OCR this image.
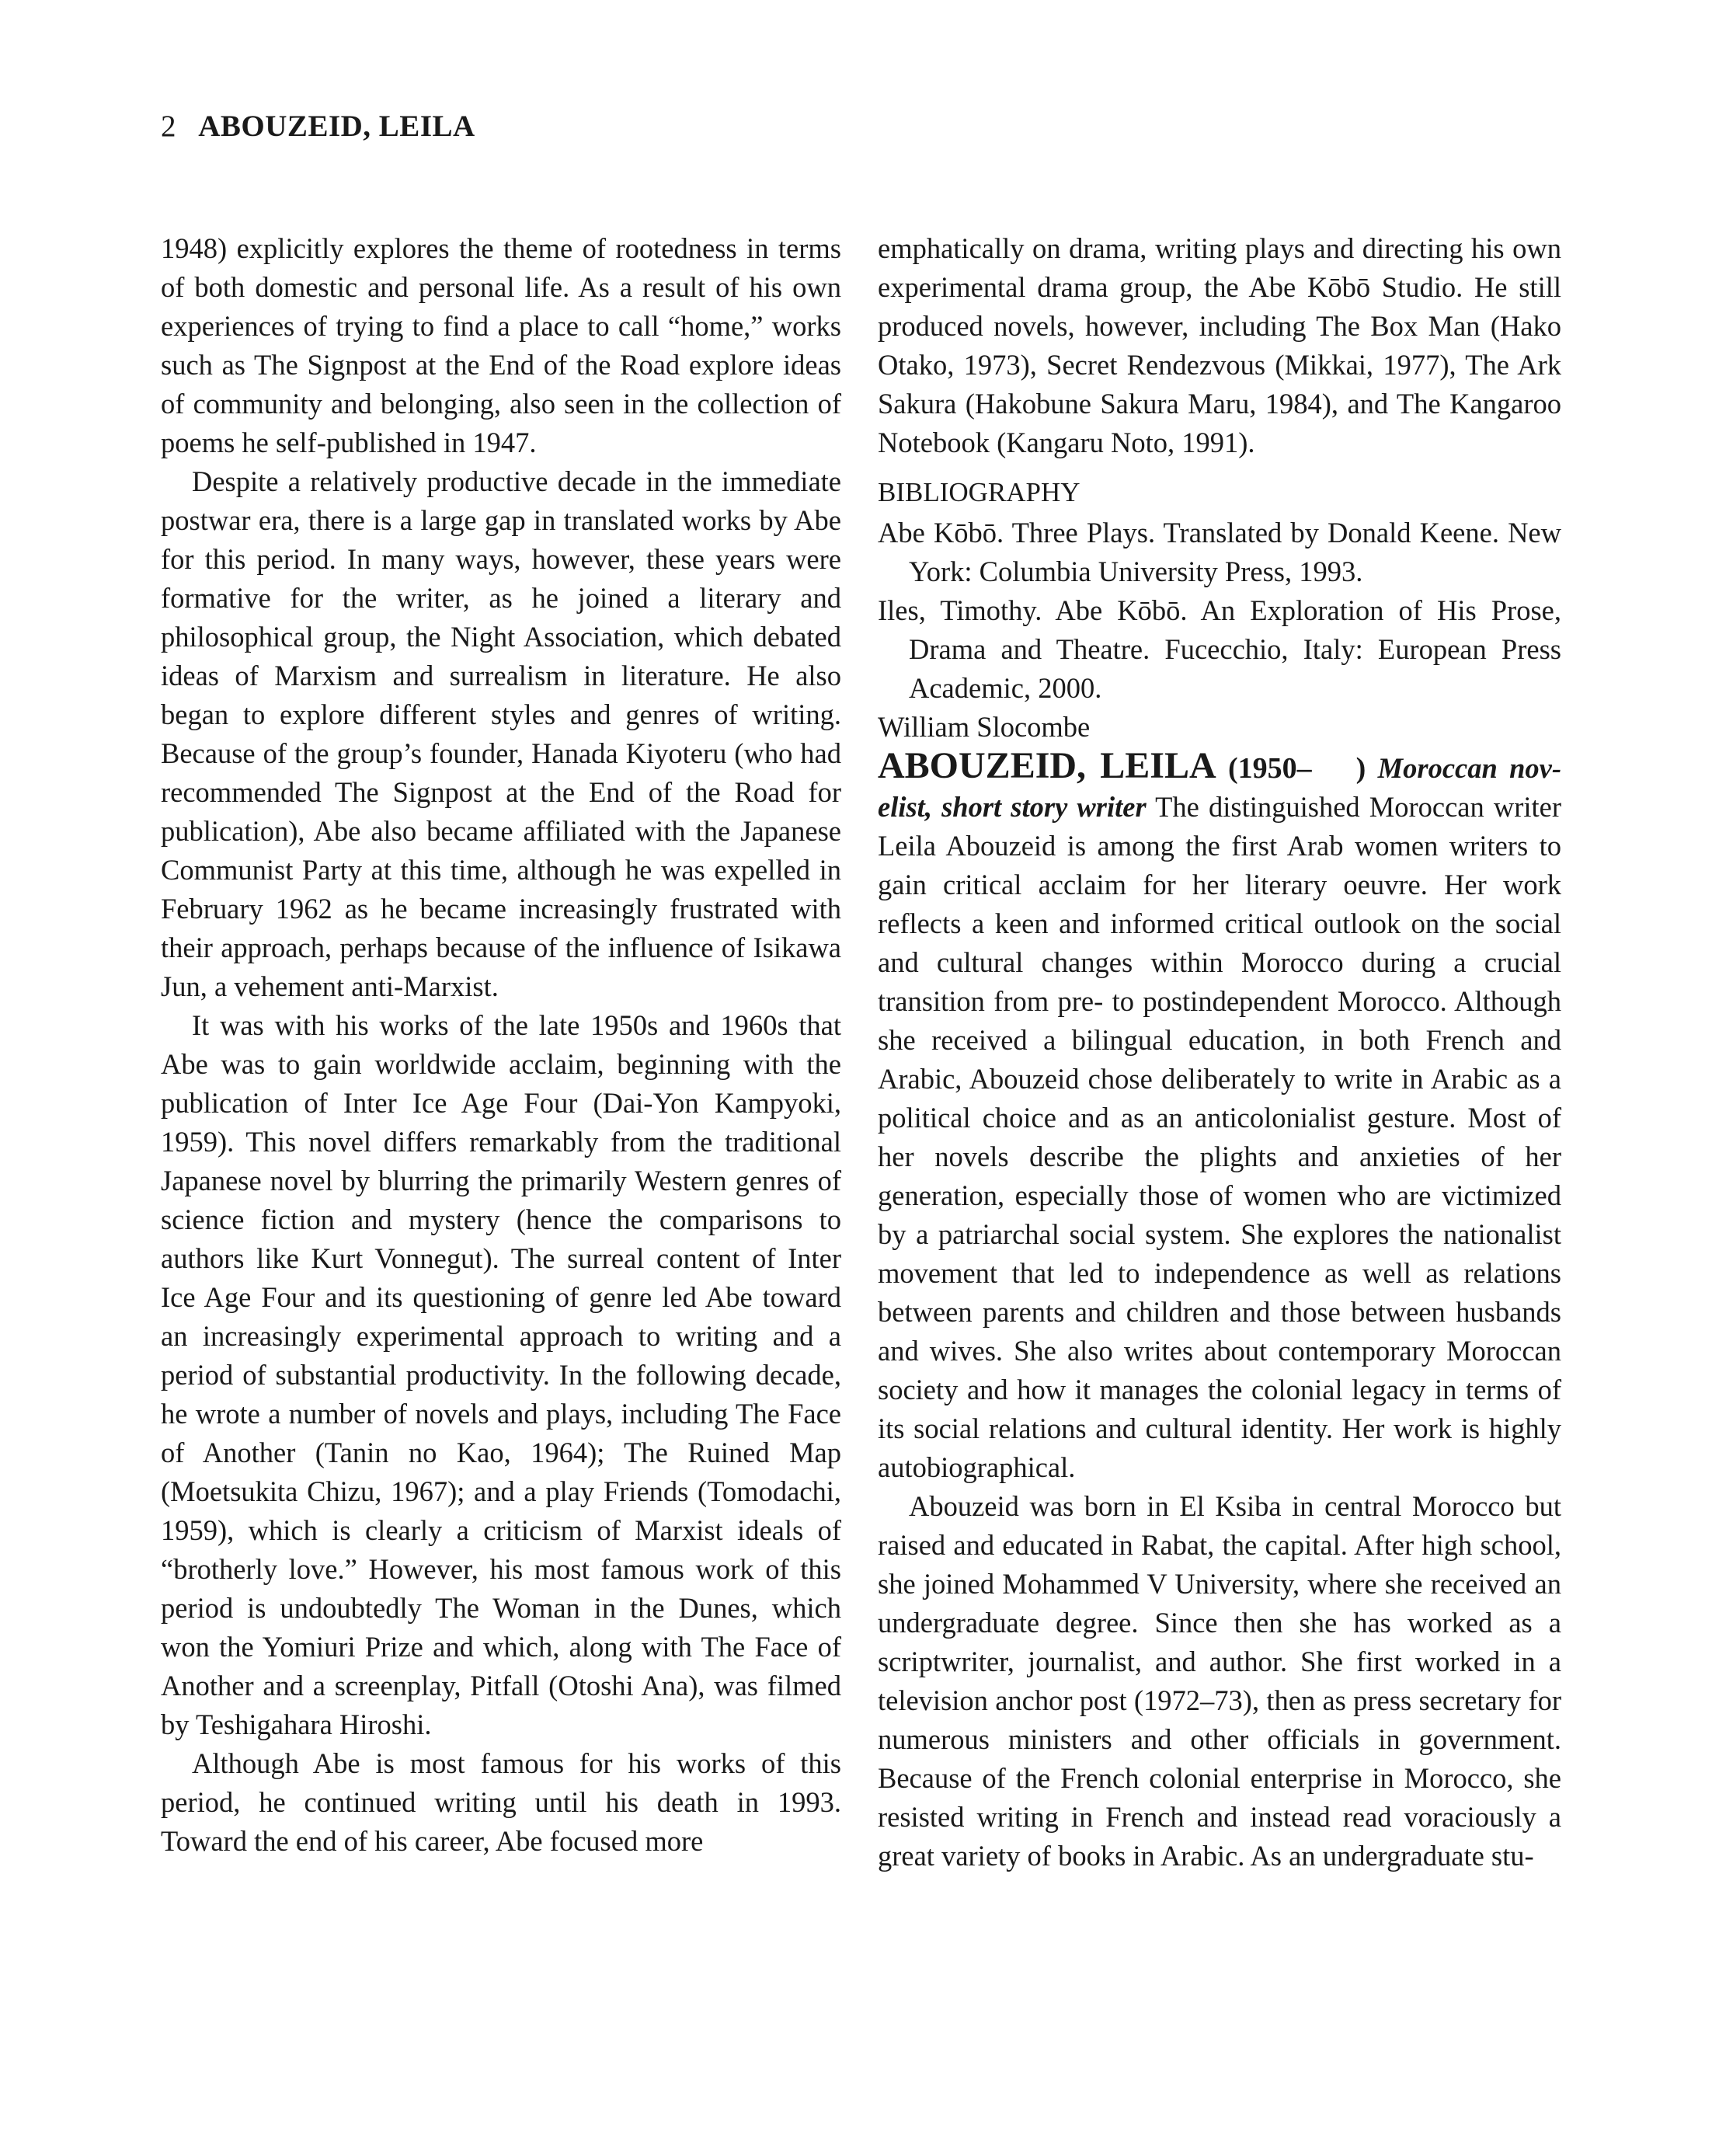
2 ABOUZEID, LEILA

1948) explicitly explores the theme of rootedness in terms of both domestic and personal life. As a result of his own experiences of trying to find a place to call “home,” works such as The Signpost at the End of the Road explore ideas of community and belonging, also seen in the collection of poems he self-published in 1947.

Despite a relatively productive decade in the immediate postwar era, there is a large gap in translated works by Abe for this period. In many ways, however, these years were formative for the writer, as he joined a literary and philosophical group, the Night Association, which debated ideas of Marxism and surrealism in literature. He also began to explore different styles and genres of writing. Because of the group’s founder, Hanada Kiyoteru (who had recommended The Signpost at the End of the Road for publication), Abe also became affiliated with the Japanese Communist Party at this time, although he was expelled in February 1962 as he became increasingly frustrated with their approach, perhaps because of the influence of Isikawa Jun, a vehement anti-Marxist.

It was with his works of the late 1950s and 1960s that Abe was to gain worldwide acclaim, beginning with the publication of Inter Ice Age Four (Dai-Yon Kampyoki, 1959). This novel differs remarkably from the traditional Japanese novel by blurring the primarily Western genres of science fiction and mystery (hence the comparisons to authors like Kurt Vonnegut). The surreal content of Inter Ice Age Four and its questioning of genre led Abe toward an increasingly experimental approach to writing and a period of substantial productivity. In the following decade, he wrote a number of novels and plays, including The Face of Another (Tanin no Kao, 1964); The Ruined Map (Moetsukita Chizu, 1967); and a play Friends (Tomodachi, 1959), which is clearly a criticism of Marxist ideals of “brotherly love.” However, his most famous work of this period is undoubtedly The Woman in the Dunes, which won the Yomiuri Prize and which, along with The Face of Another and a screenplay, Pitfall (Otoshi Ana), was filmed by Teshigahara Hiroshi.

Although Abe is most famous for his works of this period, he continued writing until his death in 1993. Toward the end of his career, Abe focused more

emphatically on drama, writing plays and directing his own experimental drama group, the Abe Kōbō Studio. He still produced novels, however, including The Box Man (Hako Otako, 1973), Secret Rendezvous (Mikkai, 1977), The Ark Sakura (Hakobune Sakura Maru, 1984), and The Kangaroo Notebook (Kangaru Noto, 1991).

BIBLIOGRAPHY

Abe Kōbō. Three Plays. Translated by Donald Keene. New York: Columbia University Press, 1993.

Iles, Timothy. Abe Kōbō. An Exploration of His Prose, Drama and Theatre. Fucecchio, Italy: European Press Academic, 2000.

William Slocombe

ABOUZEID, LEILA (1950–  ) Moroccan novelist, short story writer The distinguished Moroccan writer Leila Abouzeid is among the first Arab women writers to gain critical acclaim for her literary oeuvre. Her work reflects a keen and informed critical outlook on the social and cultural changes within Morocco during a crucial transition from pre- to postindependent Morocco. Although she received a bilingual education, in both French and Arabic, Abouzeid chose deliberately to write in Arabic as a political choice and as an anticolonialist gesture. Most of her novels describe the plights and anxieties of her generation, especially those of women who are victimized by a patriarchal social system. She explores the nationalist movement that led to independence as well as relations between parents and children and those between husbands and wives. She also writes about contemporary Moroccan society and how it manages the colonial legacy in terms of its social relations and cultural identity. Her work is highly autobiographical.

Abouzeid was born in El Ksiba in central Morocco but raised and educated in Rabat, the capital. After high school, she joined Mohammed V University, where she received an undergraduate degree. Since then she has worked as a scriptwriter, journalist, and author. She first worked in a television anchor post (1972–73), then as press secretary for numerous ministers and other officials in government. Because of the French colonial enterprise in Morocco, she resisted writing in French and instead read voraciously a great variety of books in Arabic. As an undergraduate stu-
